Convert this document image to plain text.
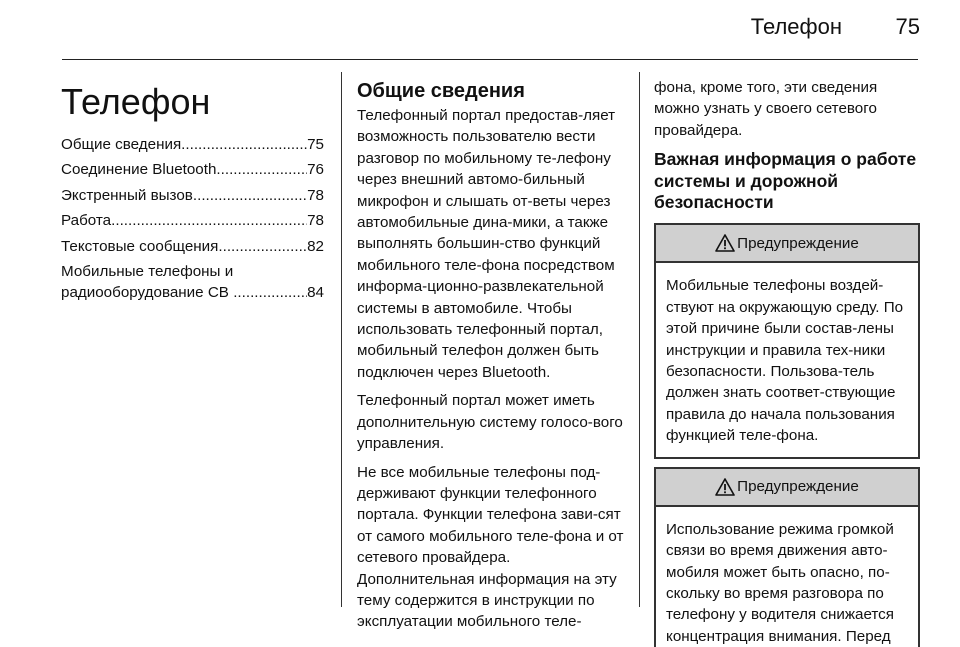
Телефон 75
Телефон
Общие сведения .....	75
Соединение Bluetooth .....	76
Экстренный вызов .....	78
Работа .....	78
Текстовые сообщения .....	82
Мобильные телефоны и
радиооборудование CB .....	84
Общие сведения

Телефонный портал предостав-ляет возможность пользователю вести разговор по мобильному те-лефону через внешний автомо-бильный микрофон и слышать от-веты через автомобильные дина-мики, а также выполнять большин-ство функций мобильного теле-фона посредством информа-ционно-развлекательной системы в автомобиле. Чтобы использовать телефонный портал, мобильный телефон должен быть подключен через Bluetooth.

Телефонный портал может иметь дополнительную систему голосо-вого управления.

Не все мобильные телефоны под-держивают функции телефонного портала. Функции телефона зави-сят от самого мобильного теле-фона и от сетевого провайдера. Дополнительная информация на эту тему содержится в инструкции по эксплуатации мобильного теле-

фона, кроме того, эти сведения можно узнать у своего сетевого провайдера.

Важная информация о работе системы и дорожной безопасности
Предупреждение
Мобильные телефоны воздей-ствуют на окружающую среду. По этой причине были состав-лены инструкции и правила тех-ники безопасности. Пользова-тель должен знать соответ-ствующие правила до начала пользования функцией теле-фона.
Предупреждение
Использование режима громкой связи во время движения авто-мобиля может быть опасно, по-скольку во время разговора по телефону у водителя снижается концентрация внимания. Перед
